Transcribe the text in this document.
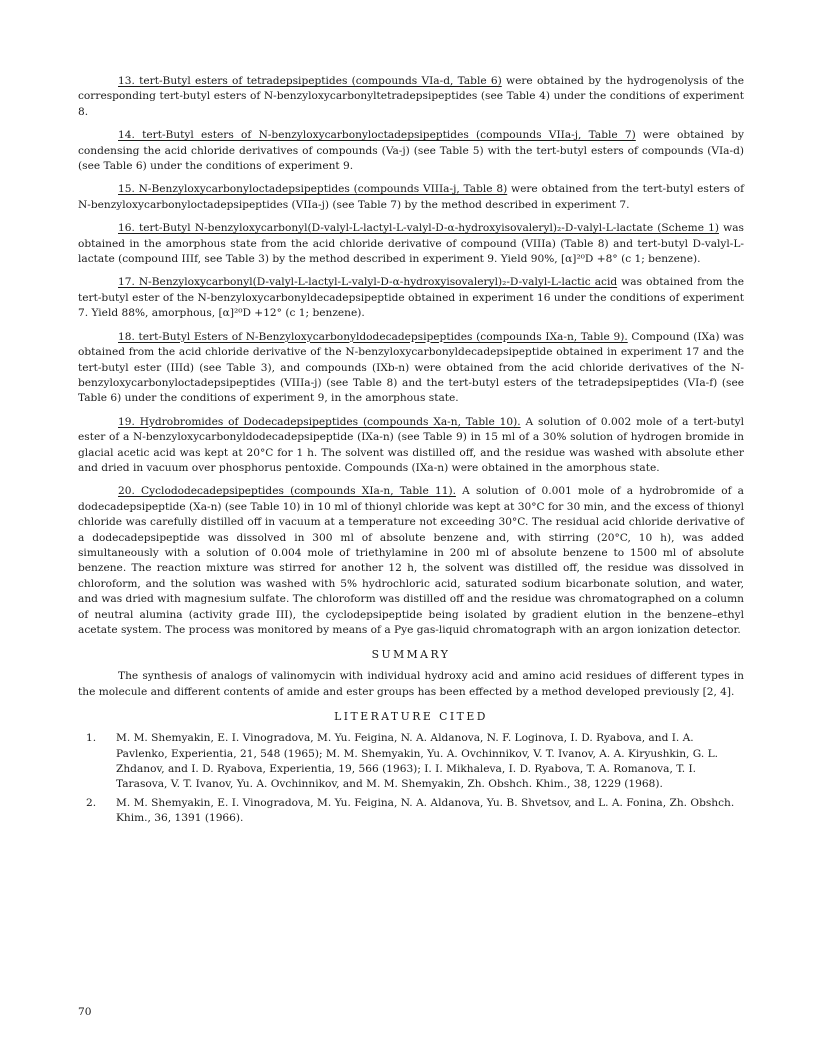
13. tert-Butyl esters of tetradepsipeptides (compounds VIa-d, Table 6) were obtained by the hydrogenolysis of the corresponding tert-butyl esters of N-benzyloxycarbonyltetradepsipeptides (see Table 4) under the conditions of experiment 8.

14. tert-Butyl esters of N-benzyloxycarbonyloctadepsipeptides (compounds VIIa-j, Table 7) were obtained by condensing the acid chloride derivatives of compounds (Va-j) (see Table 5) with the tert-butyl esters of compounds (VIa-d) (see Table 6) under the conditions of experiment 9.

15. N-Benzyloxycarbonyloctadepsipeptides (compounds VIIIa-j, Table 8) were obtained from the tert-butyl esters of N-benzyloxycarbonyloctadepsipeptides (VIIa-j) (see Table 7) by the method described in experiment 7.

16. tert-Butyl N-benzyloxycarbonyl(D-valyl-L-lactyl-L-valyl-D-α-hydroxyisovaleryl)₂-D-valyl-L-lactate (Scheme 1) was obtained in the amorphous state from the acid chloride derivative of compound (VIIIa) (Table 8) and tert-butyl D-valyl-L-lactate (compound IIIf, see Table 3) by the method described in experiment 9. Yield 90%, [α]²⁰D +8° (c 1; benzene).

17. N-Benzyloxycarbonyl(D-valyl-L-lactyl-L-valyl-D-α-hydroxyisovaleryl)₂-D-valyl-L-lactic acid was obtained from the tert-butyl ester of the N-benzyloxycarbonyldecadepsipeptide obtained in experiment 16 under the conditions of experiment 7. Yield 88%, amorphous, [α]²⁰D +12° (c 1; benzene).

18. tert-Butyl Esters of N-Benzyloxycarbonyldodecadepsipeptides (compounds IXa-n, Table 9). Compound (IXa) was obtained from the acid chloride derivative of the N-benzyloxycarbonyldecadepsipeptide obtained in experiment 17 and the tert-butyl ester (IIId) (see Table 3), and compounds (IXb-n) were obtained from the acid chloride derivatives of the N-benzyloxycarbonyloctadepsipeptides (VIIIa-j) (see Table 8) and the tert-butyl esters of the tetradepsipeptides (VIa-f) (see Table 6) under the conditions of experiment 9, in the amorphous state.

19. Hydrobromides of Dodecadepsipeptides (compounds Xa-n, Table 10). A solution of 0.002 mole of a tert-butyl ester of a N-benzyloxycarbonyldodecadepsipeptide (IXa-n) (see Table 9) in 15 ml of a 30% solution of hydrogen bromide in glacial acetic acid was kept at 20°C for 1 h. The solvent was distilled off, and the residue was washed with absolute ether and dried in vacuum over phosphorus pentoxide. Compounds (IXa-n) were obtained in the amorphous state.

20. Cyclododecadepsipeptides (compounds XIa-n, Table 11). A solution of 0.001 mole of a hydrobromide of a dodecadepsipeptide (Xa-n) (see Table 10) in 10 ml of thionyl chloride was kept at 30°C for 30 min, and the excess of thionyl chloride was carefully distilled off in vacuum at a temperature not exceeding 30°C. The residual acid chloride derivative of a dodecadepsipeptide was dissolved in 300 ml of absolute benzene and, with stirring (20°C, 10 h), was added simultaneously with a solution of 0.004 mole of triethylamine in 200 ml of absolute benzene to 1500 ml of absolute benzene. The reaction mixture was stirred for another 12 h, the solvent was distilled off, the residue was dissolved in chloroform, and the solution was washed with 5% hydrochloric acid, saturated sodium bicarbonate solution, and water, and was dried with magnesium sulfate. The chloroform was distilled off and the residue was chromatographed on a column of neutral alumina (activity grade III), the cyclodepsipeptide being isolated by gradient elution in the benzene–ethyl acetate system. The process was monitored by means of a Pye gas-liquid chromatograph with an argon ionization detector.

SUMMARY

The synthesis of analogs of valinomycin with individual hydroxy acid and amino acid residues of different types in the molecule and different contents of amide and ester groups has been effected by a method developed previously [2, 4].

LITERATURE CITED
1.	M. M. Shemyakin, E. I. Vinogradova, M. Yu. Feigina, N. A. Aldanova, N. F. Loginova, I. D. Ryabova, and I. A. Pavlenko, Experientia, 21, 548 (1965); M. M. Shemyakin, Yu. A. Ovchinnikov, V. T. Ivanov, A. A. Kiryushkin, G. L. Zhdanov, and I. D. Ryabova, Experientia, 19, 566 (1963); I. I. Mikhaleva, I. D. Ryabova, T. A. Romanova, T. I. Tarasova, V. T. Ivanov, Yu. A. Ovchinnikov, and M. M. Shemyakin, Zh. Obshch. Khim., 38, 1229 (1968).
2.	M. M. Shemyakin, E. I. Vinogradova, M. Yu. Feigina, N. A. Aldanova, Yu. B. Shvetsov, and L. A. Fonina, Zh. Obshch. Khim., 36, 1391 (1966).
70
